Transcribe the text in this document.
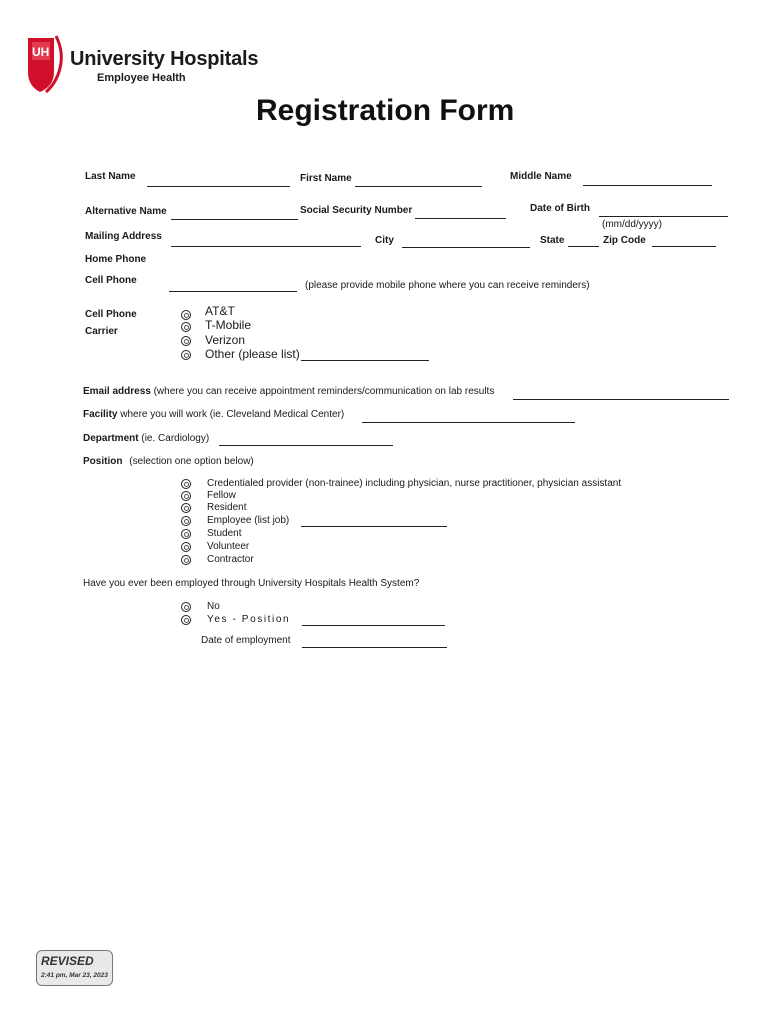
UH University Hospitals
Employee Health
Registration Form
Last Name	First Name	Middle Name
Alternative Name	Social Security Number	Date of Birth
(mm/dd/yyyy)
Mailing Address	City	State	Zip Code
Home Phone
Cell Phone	(please provide mobile phone where you can receive reminders)
Cell Phone
Carrier
AT&T
T-Mobile
Verizon
Other (please list)
Email address (where you can receive appointment reminders/communication on lab results
Facility where you will work (ie. Cleveland Medical Center)
Department (ie. Cardiology)
Position (selection one option below)
Credentialed provider (non-trainee) including physician, nurse practitioner, physician assistant
Fellow
Resident
Employee (list job)
Student
Volunteer
Contractor
Have you ever been employed through University Hospitals Health System?
No
Yes - Position
Date of employment
REVISED
2:41 pm, Mar 23, 2023
